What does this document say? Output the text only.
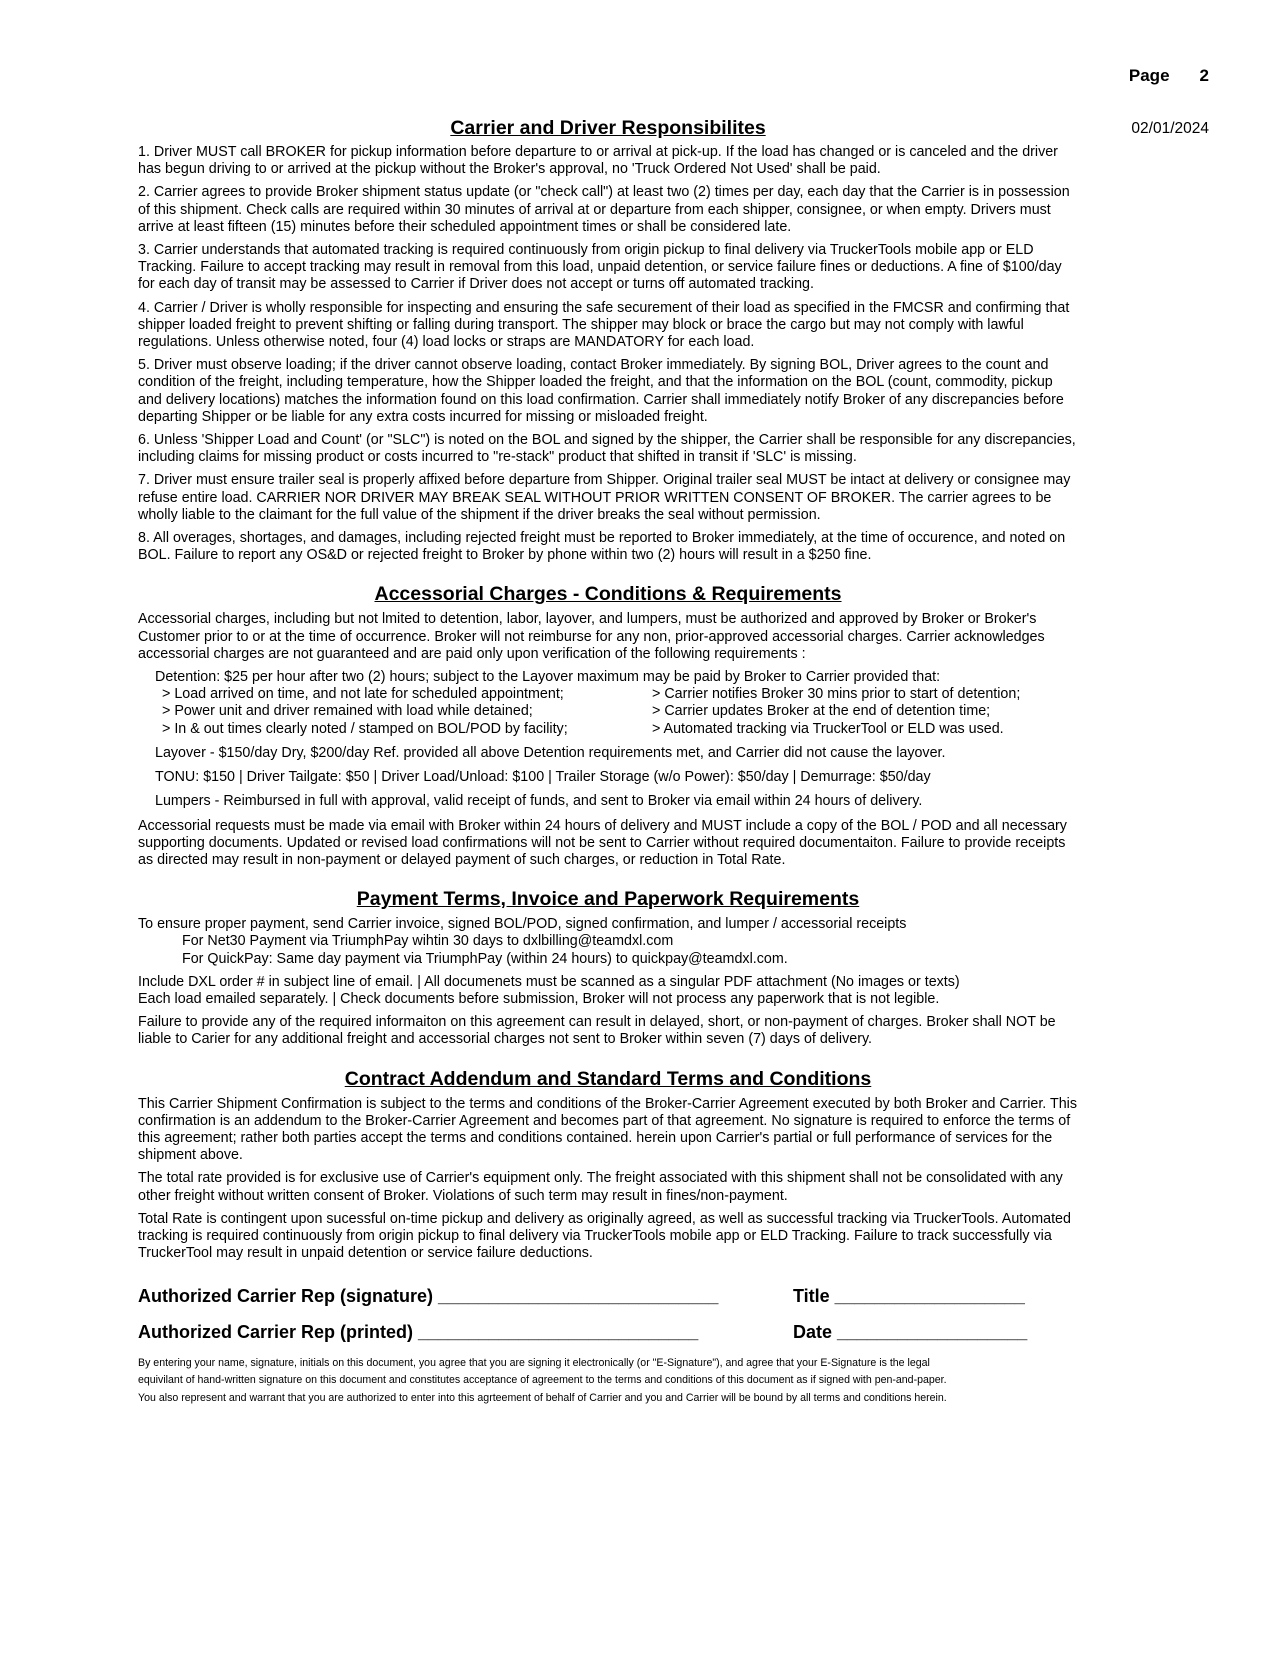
Page 2
02/01/2024
Carrier and Driver Responsibilites

1. Driver MUST call BROKER for pickup information before departure to or arrival at pick-up. If the load has changed or is canceled and the driver has begun driving to or arrived at the pickup without the Broker's approval, no 'Truck Ordered Not Used' shall be paid.

2. Carrier agrees to provide Broker shipment status update (or "check call") at least two (2) times per day, each day that the Carrier is in possession of this shipment. Check calls are required within 30 minutes of arrival at or departure from each shipper, consignee, or when empty. Drivers must arrive at least fifteen (15) minutes before their scheduled appointment times or shall be considered late.

3. Carrier understands that automated tracking is required continuously from origin pickup to final delivery via TruckerTools mobile app or ELD Tracking. Failure to accept tracking may result in removal from this load, unpaid detention, or service failure fines or deductions. A fine of $100/day for each day of transit may be assessed to Carrier if Driver does not accept or turns off automated tracking.

4. Carrier / Driver is wholly responsible for inspecting and ensuring the safe securement of their load as specified in the FMCSR and confirming that shipper loaded freight to prevent shifting or falling during transport. The shipper may block or brace the cargo but may not comply with lawful regulations. Unless otherwise noted, four (4) load locks or straps are MANDATORY for each load.

5. Driver must observe loading; if the driver cannot observe loading, contact Broker immediately. By signing BOL, Driver agrees to the count and condition of the freight, including temperature, how the Shipper loaded the freight, and that the information on the BOL (count, commodity, pickup and delivery locations) matches the information found on this load confirmation. Carrier shall immediately notify Broker of any discrepancies before departing Shipper or be liable for any extra costs incurred for missing or misloaded freight.

6. Unless 'Shipper Load and Count' (or "SLC") is noted on the BOL and signed by the shipper, the Carrier shall be responsible for any discrepancies, including claims for missing product or costs incurred to "re-stack" product that shifted in transit if 'SLC' is missing.

7. Driver must ensure trailer seal is properly affixed before departure from Shipper. Original trailer seal MUST be intact at delivery or consignee may refuse entire load. CARRIER NOR DRIVER MAY BREAK SEAL WITHOUT PRIOR WRITTEN CONSENT OF BROKER. The carrier agrees to be wholly liable to the claimant for the full value of the shipment if the driver breaks the seal without permission.

8. All overages, shortages, and damages, including rejected freight must be reported to Broker immediately, at the time of occurence, and noted on BOL. Failure to report any OS&D or rejected freight to Broker by phone within two (2) hours will result in a $250 fine.

Accessorial Charges - Conditions & Requirements

Accessorial charges, including but not lmited to detention, labor, layover, and lumpers, must be authorized and approved by Broker or Broker's Customer prior to or at the time of occurrence. Broker will not reimburse for any non, prior-approved accessorial charges. Carrier acknowledges accessorial charges are not guaranteed and are paid only upon verification of the following requirements :

Detention: $25 per hour after two (2) hours; subject to the Layover maximum may be paid by Broker to Carrier provided that:

> Load arrived on time, and not late for scheduled appointment;
> Power unit and driver remained with load while detained;
> In & out times clearly noted / stamped on BOL/POD by facility;
> Carrier notifies Broker 30 mins prior to start of detention;
> Carrier updates Broker at the end of detention time;
> Automated tracking via TruckerTool or ELD was used.

Layover - $150/day Dry, $200/day Ref. provided all above Detention requirements met, and Carrier did not cause the layover.

TONU: $150 | Driver Tailgate: $50 | Driver Load/Unload: $100 | Trailer Storage (w/o Power): $50/day | Demurrage: $50/day

Lumpers - Reimbursed in full with approval, valid receipt of funds, and sent to Broker via email within 24 hours of delivery.

Accessorial requests must be made via email with Broker within 24 hours of delivery and MUST include a copy of the BOL / POD and all necessary supporting documents. Updated or revised load confirmations will not be sent to Carrier without required documentaiton. Failure to provide receipts as directed may result in non-payment or delayed payment of such charges, or reduction in Total Rate.

Payment Terms, Invoice and Paperwork Requirements

To ensure proper payment, send Carrier invoice, signed BOL/POD, signed confirmation, and lumper / accessorial receipts

For Net30 Payment via TriumphPay wihtin 30 days to dxlbilling@teamdxl.com

For QuickPay: Same day payment via TriumphPay (within 24 hours) to quickpay@teamdxl.com.

Include DXL order # in subject line of email. | All documenets must be scanned as a singular PDF attachment (No images or texts)

Each load emailed separately. | Check documents before submission, Broker will not process any paperwork that is not legible.

Failure to provide any of the required informaiton on this agreement can result in delayed, short, or non-payment of charges. Broker shall NOT be liable to Carier for any additional freight and accessorial charges not sent to Broker within seven (7) days of delivery.

Contract Addendum and Standard Terms and Conditions

This Carrier Shipment Confirmation is subject to the terms and conditions of the Broker-Carrier Agreement executed by both Broker and Carrier. This confirmation is an addendum to the Broker-Carrier Agreement and becomes part of that agreement. No signature is required to enforce the terms of this agreement; rather both parties accept the terms and conditions contained. herein upon Carrier's partial or full performance of services for the shipment above.

The total rate provided is for exclusive use of Carrier's equipment only. The freight associated with this shipment shall not be consolidated with any other freight without written consent of Broker. Violations of such term may result in fines/non-payment.

Total Rate is contingent upon sucessful on-time pickup and delivery as originally agreed, as well as successful tracking via TruckerTools. Automated tracking is required continuously from origin pickup to final delivery via TruckerTools mobile app or ELD Tracking. Failure to track successfully via TruckerTool may result in unpaid detention or service failure deductions.

Authorized Carrier Rep (signature) ____________________________	Title ___________________
Authorized Carrier Rep (printed) ____________________________	Date ___________________
By entering your name, signature, initials on this document, you agree that you are signing it electronically (or "E-Signature"), and agree that your E-Signature is the legal
equivilant of hand-written signature on this document and constitutes acceptance of agreement to the terms and conditions of this document as if signed with pen-and-paper.
You also represent and warrant that you are authorized to enter into this agrteement of behalf of Carrier and you and Carrier will be bound by all terms and conditions herein.
